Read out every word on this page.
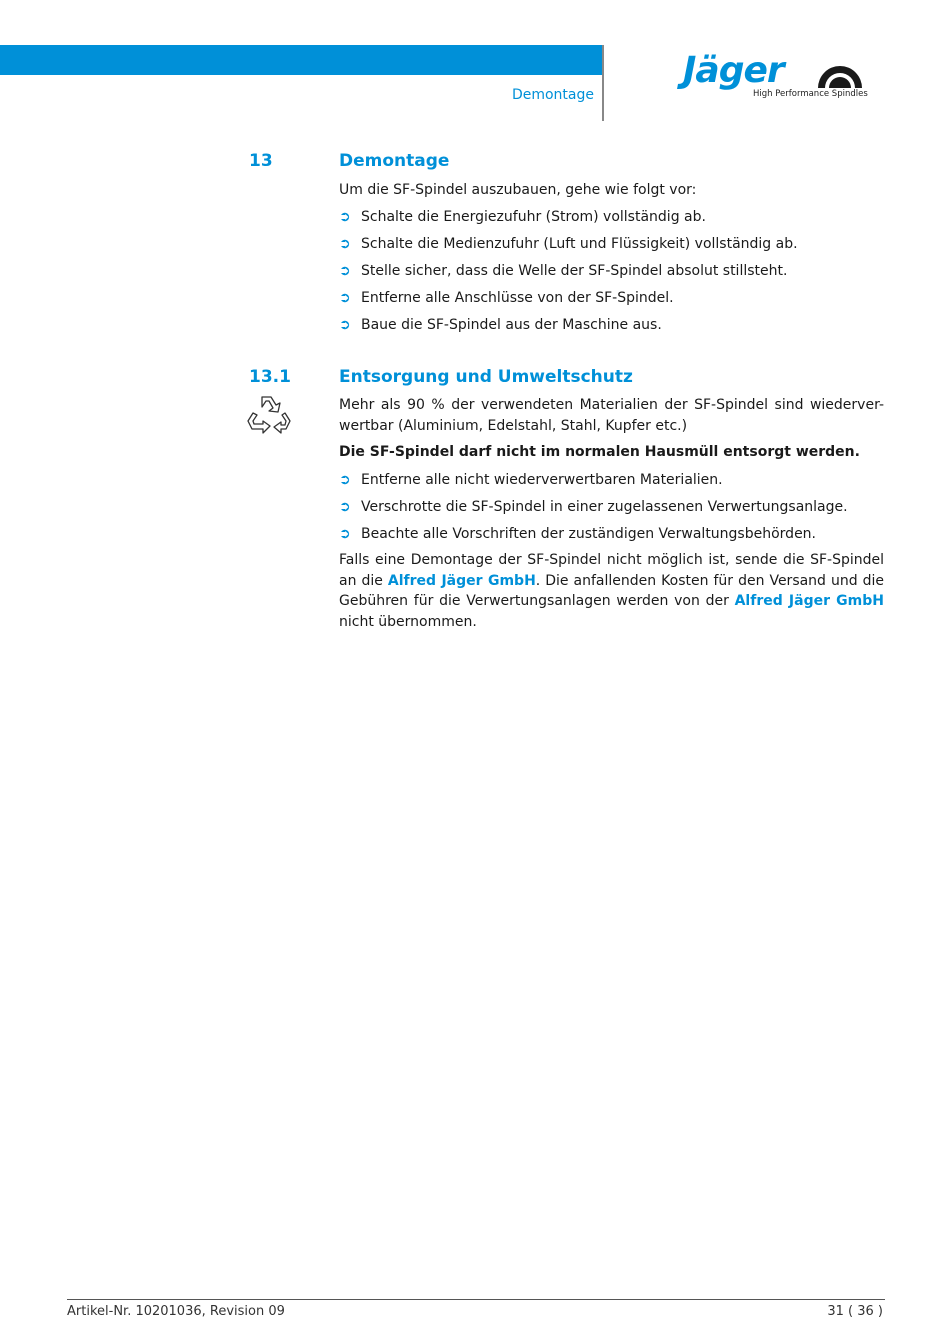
Demontage
Jäger
High Performance Spindles
13	Demontage
Um die SF-Spindel auszubauen, gehe wie folgt vor:
➲ Schalte die Energiezufuhr (Strom) vollständig ab.
➲ Schalte die Medienzufuhr (Luft und Flüssigkeit) vollständig ab.
➲ Stelle sicher, dass die Welle der SF-Spindel absolut stillsteht.
➲ Entferne alle Anschlüsse von der SF-Spindel.
➲ Baue die SF-Spindel aus der Maschine aus.
13.1	Entsorgung und Umweltschutz
Mehr als 90 % der verwendeten Materialien der SF-Spindel sind wiederver-wertbar (Aluminium, Edelstahl, Stahl, Kupfer etc.)
Die SF-Spindel darf nicht im normalen Hausmüll entsorgt werden.
➲ Entferne alle nicht wiederverwertbaren Materialien.
➲ Verschrotte die SF-Spindel in einer zugelassenen Verwertungsanlage.
➲ Beachte alle Vorschriften der zuständigen Verwaltungsbehörden.
Falls eine Demontage der SF-Spindel nicht möglich ist, sende die SF-Spindel an die Alfred Jäger GmbH. Die anfallenden Kosten für den Versand und die Gebühren für die Verwertungsanlagen werden von der Alfred Jäger GmbH nicht übernommen.
Artikel-Nr. 10201036, Revision 09	31 ( 36 )
